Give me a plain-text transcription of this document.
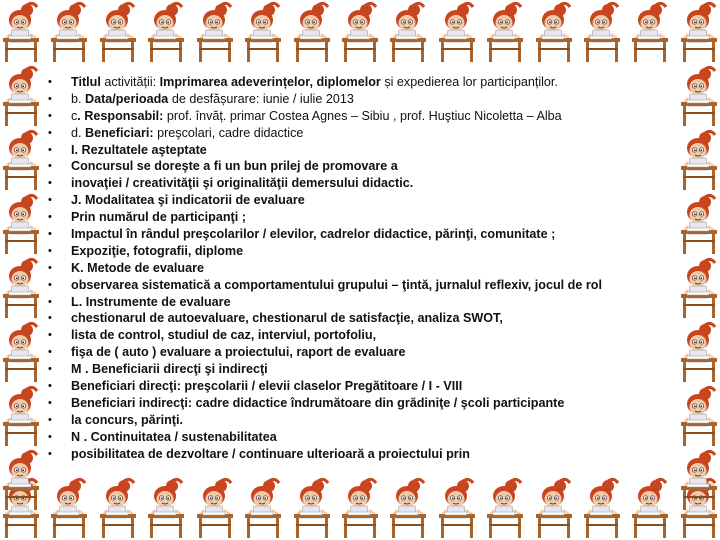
• Titlul activității: Imprimarea adeverințelor, diplomelor și expedierea lor participanților.
• b. Data/perioada de desfășurare: iunie / iulie 2013
• c. Responsabil: prof. învăț. primar Costea Agnes – Sibiu , prof. Huştiuc Nicoletta – Alba
• d. Beneficiari: preşcolari, cadre didactice
• I. Rezultatele aşteptate
• Concursul se doreşte a fi un bun prilej de promovare a
• inovaţiei / creativităţii şi originalităţii demersului didactic.
• J. Modalitatea şi indicatorii de evaluare
• Prin numărul de participanţi ;
• Impactul în rândul preşcolarilor / elevilor, cadrelor didactice, părinţi, comunitate ;
• Expoziţie, fotografii, diplome
• K. Metode de evaluare
• observarea sistematică a comportamentului grupului – ţintă, jurnalul reflexiv, jocul de rol
• L. Instrumente de evaluare
• chestionarul de autoevaluare, chestionarul de satisfacţie, analiza SWOT,
• lista de control, studiul de caz, interviul, portofoliu,
• fişa de ( auto ) evaluare a proiectului, raport de evaluare
• M . Beneficiarii direcţi şi indirecţi
• Beneficiari direcţi: preşcolarii / elevii claselor Pregătitoare / I - VIII
• Beneficiari indirecţi: cadre didactice îndrumătoare din grădiniţe / şcoli participante
• la concurs, părinţi.
• N . Continuitatea / sustenabilitatea
• posibilitatea de dezvoltare / continuare ulterioară a proiectului prin
